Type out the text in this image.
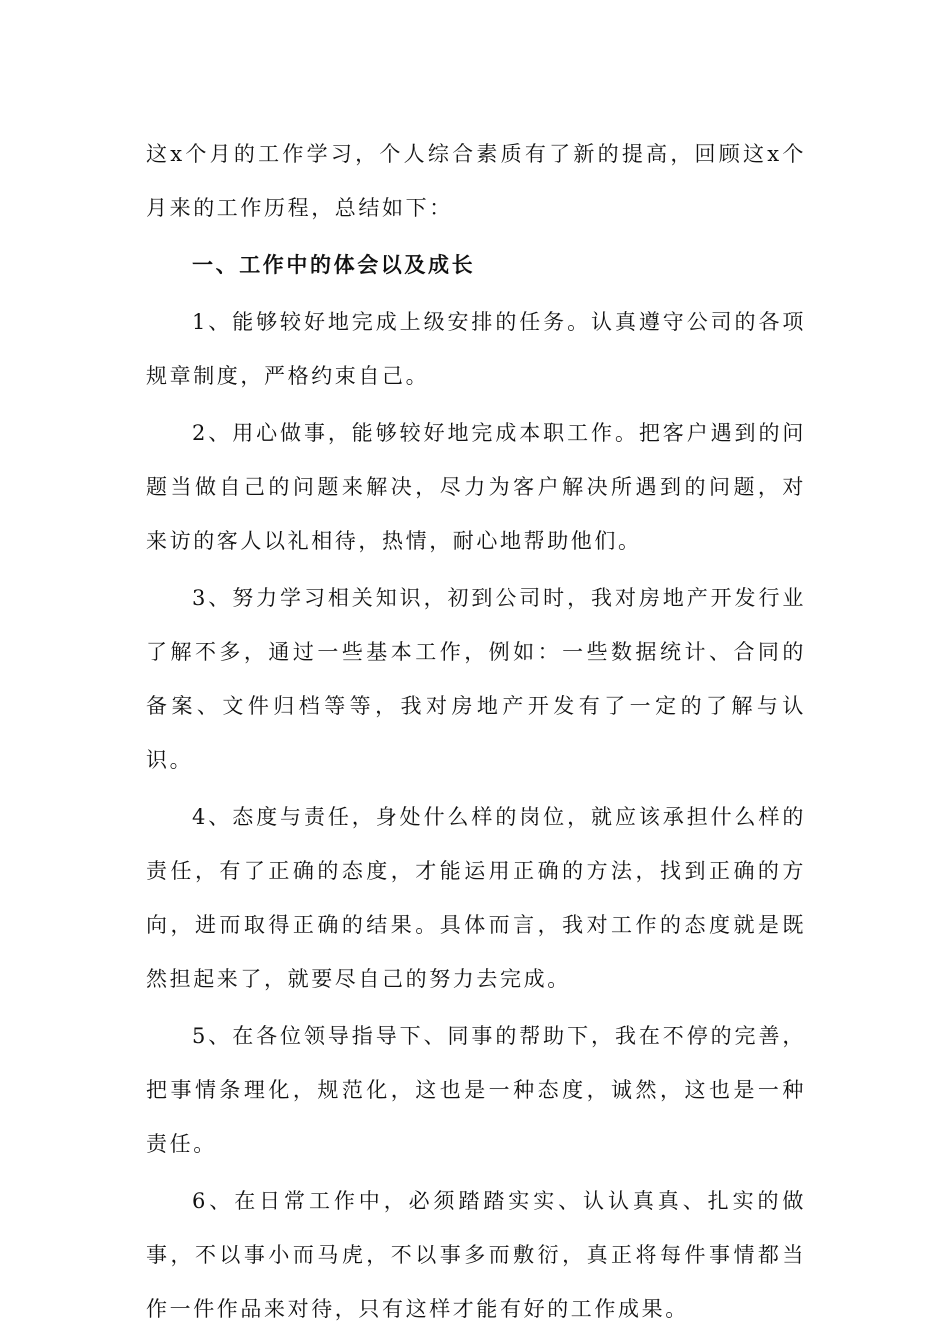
这x个月的工作学习，个人综合素质有了新的提高，回顾这x个月来的工作历程，总结如下：

一、工作中的体会以及成长

1、能够较好地完成上级安排的任务。认真遵守公司的各项规章制度，严格约束自己。

2、用心做事，能够较好地完成本职工作。把客户遇到的问题当做自己的问题来解决，尽力为客户解决所遇到的问题，对来访的客人以礼相待，热情，耐心地帮助他们。

3、努力学习相关知识，初到公司时，我对房地产开发行业了解不多，通过一些基本工作，例如：一些数据统计、合同的备案、文件归档等等，我对房地产开发有了一定的了解与认识。

4、态度与责任，身处什么样的岗位，就应该承担什么样的责任，有了正确的态度，才能运用正确的方法，找到正确的方向，进而取得正确的结果。具体而言，我对工作的态度就是既然担起来了，就要尽自己的努力去完成。

5、在各位领导指导下、同事的帮助下，我在不停的完善，把事情条理化，规范化，这也是一种态度，诚然，这也是一种责任。

6、在日常工作中，必须踏踏实实、认认真真、扎实的做事，不以事小而马虎，不以事多而敷衍，真正将每件事情都当作一件作品来对待，只有这样才能有好的工作成果。
